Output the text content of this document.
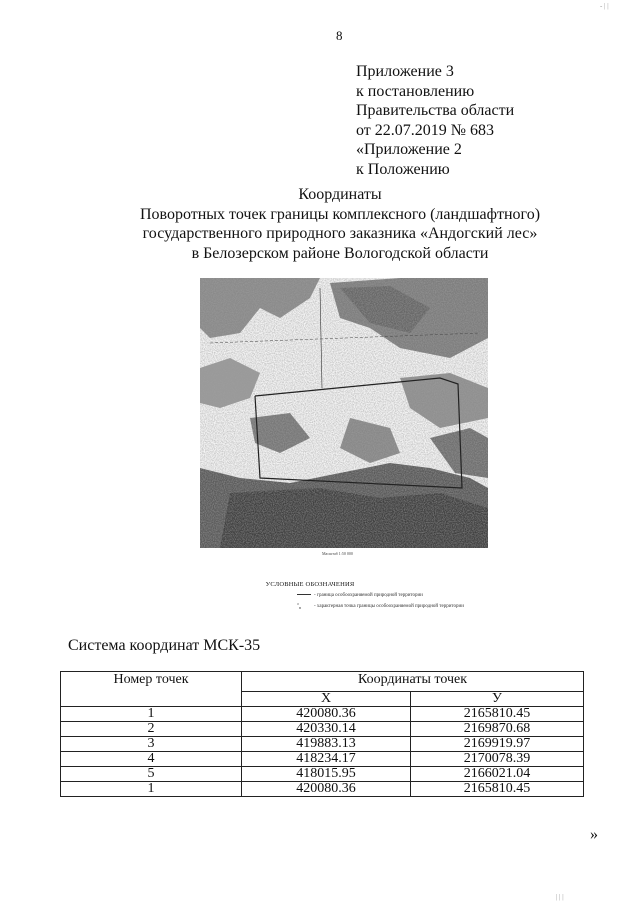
8
- | |
Приложение 3
к постановлению
Правительства области
от 22.07.2019 № 683
«Приложение 2
к Положению
Координаты
Поворотных точек границы комплексного (ландшафтного)
государственного природного заказника «Андогский лес»
в Белозерском районе Вологодской области
Масштаб 1:50 000
УСЛОВНЫЕ ОБОЗНАЧЕНИЯ
- граница особоохраняемой природной территории
$^\circ_n$	- характерная точка границы особоохраняемой природной территории
Система координат МСК-35
Номер точек	Координаты точек	
	X	У
1	420080.36	2165810.45
2	420330.14	2169870.68
3	419883.13	2169919.97
4	418234.17	2170078.39
5	418015.95	2166021.04
1	420080.36	2165810.45
»
| | |
